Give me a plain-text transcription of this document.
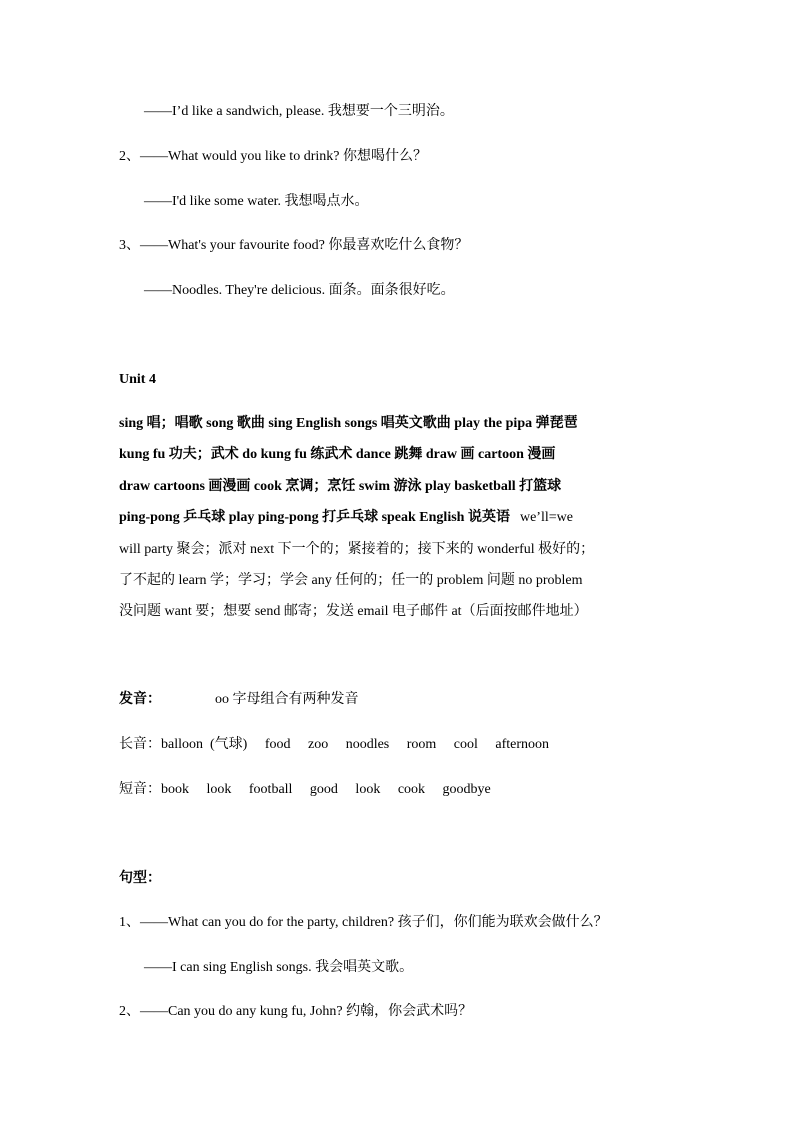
——I’d like a sandwich, please. 我想要一个三明治。
2、——What would you like to drink? 你想喝什么？
——I'd like some water. 我想喝点水。
3、——What's your favourite food? 你最喜欢吃什么食物？
——Noodles. They're delicious. 面条。面条很好吃。
Unit 4
sing 唱；唱歌 song 歌曲 sing English songs 唱英文歌曲 play the pipa 弹琵琶
kung fu 功夫；武术 do kung fu 练武术 dance 跳舞 draw 画 cartoon 漫画
draw cartoons 画漫画 cook 烹调；烹饪 swim 游泳 play basketball 打篮球
ping-pong 乒乓球 play ping-pong 打乒乓球 speak English 说英语 we’ll=we
will party 聚会；派对 next 下一个的；紧接着的；接下来的 wonderful 极好的；
了不起的 learn 学；学习；学会 any 任何的；任一的 problem 问题 no problem
没问题 want 要；想要 send 邮寄；发送 email 电子邮件 at（后面按邮件地址）
发音：	oo 字母组合有两种发音
长音：balloon  (气球)     food     zoo     noodles     room     cool     afternoon
短音：book     look     football     good     look     cook     goodbye
句型：
1、——What can you do for the party, children? 孩子们，你们能为联欢会做什么？
——I can sing English songs. 我会唱英文歌。
2、——Can you do any kung fu, John? 约翰，你会武术吗？
